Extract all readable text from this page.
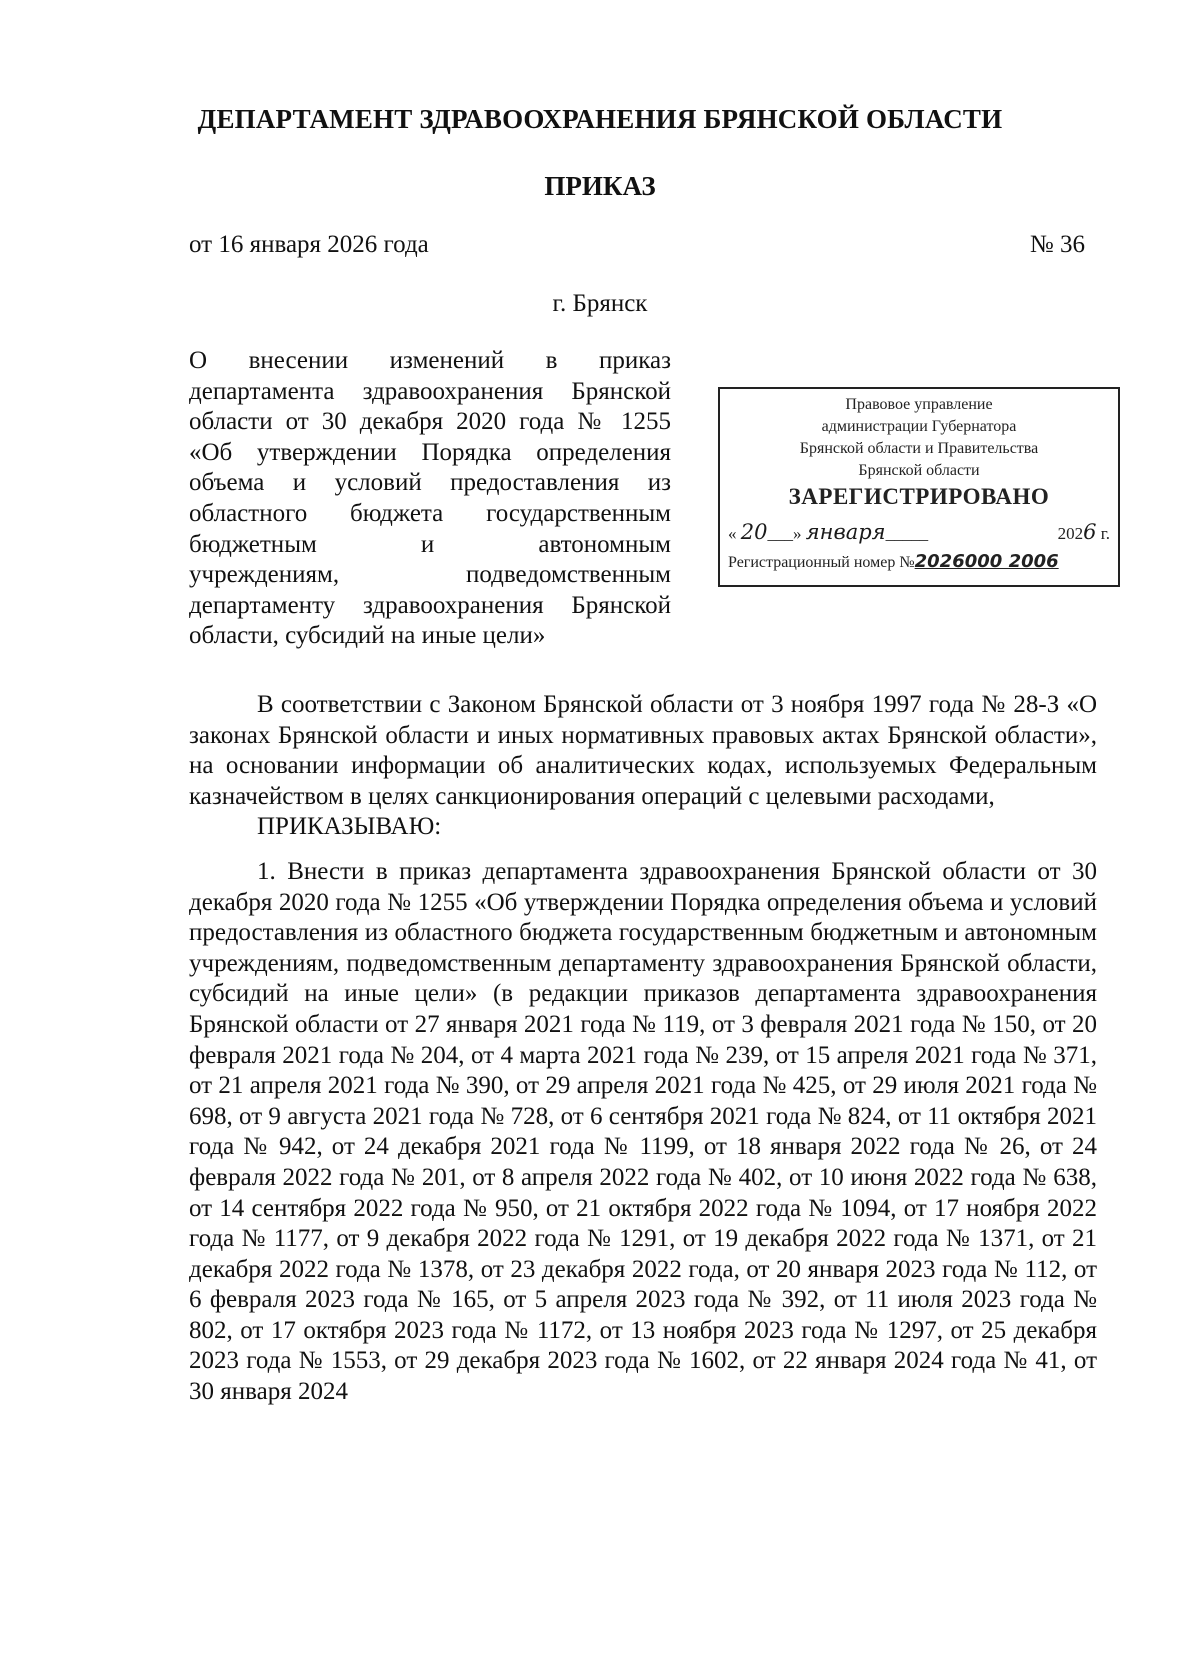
ДЕПАРТАМЕНТ ЗДРАВООХРАНЕНИЯ БРЯНСКОЙ ОБЛАСТИ
ПРИКАЗ
от 16 января 2026 года	№ 36
г. Брянск
О внесении изменений в приказ
департамента здравоохранения Брянской
области от 30 декабря 2020 года № 1255
«Об утверждении Порядка определения
объема и условий предоставления из
областного бюджета государственным
бюджетным и автономным
учреждениям, подведомственным
департаменту здравоохранения Брянской
области, субсидий на иные цели»
Правовое управление
администрации Губернатора
Брянской области и Правительства
Брянской области
ЗАРЕГИСТРИРОВАНО
« 20___» января_____	2026 г.
Регистрационный номер №2026000 2006

В соответствии с Законом Брянской области от 3 ноября 1997 года № 28-З «О законах Брянской области и иных нормативных правовых актах Брянской области», на основании информации об аналитических кодах, используемых Федеральным казначейством в целях санкционирования операций с целевыми расходами,

ПРИКАЗЫВАЮ:

1. Внести в приказ департамента здравоохранения Брянской области от 30 декабря 2020 года № 1255 «Об утверждении Порядка определения объема и условий предоставления из областного бюджета государственным бюджетным и автономным учреждениям, подведомственным департаменту здравоохранения Брянской области, субсидий на иные цели» (в редакции приказов департамента здравоохранения Брянской области от 27 января 2021 года № 119, от 3 февраля 2021 года № 150, от 20 февраля 2021 года № 204, от 4 марта 2021 года № 239, от 15 апреля 2021 года № 371, от 21 апреля 2021 года № 390, от 29 апреля 2021 года № 425, от 29 июля 2021 года № 698, от 9 августа 2021 года № 728, от 6 сентября 2021 года № 824, от 11 октября 2021 года № 942, от 24 декабря 2021 года № 1199, от 18 января 2022 года № 26, от 24 февраля 2022 года № 201, от 8 апреля 2022 года № 402, от 10 июня 2022 года № 638, от 14 сентября 2022 года № 950, от 21 октября 2022 года № 1094, от 17 ноября 2022 года № 1177, от 9 декабря 2022 года № 1291, от 19 декабря 2022 года № 1371, от 21 декабря 2022 года № 1378, от 23 декабря 2022 года, от 20 января 2023 года № 112, от 6 февраля 2023 года № 165, от 5 апреля 2023 года № 392, от 11 июля 2023 года № 802, от 17 октября 2023 года № 1172, от 13 ноября 2023 года № 1297, от 25 декабря 2023 года № 1553, от 29 декабря 2023 года № 1602, от 22 января 2024 года № 41, от 30 января 2024
